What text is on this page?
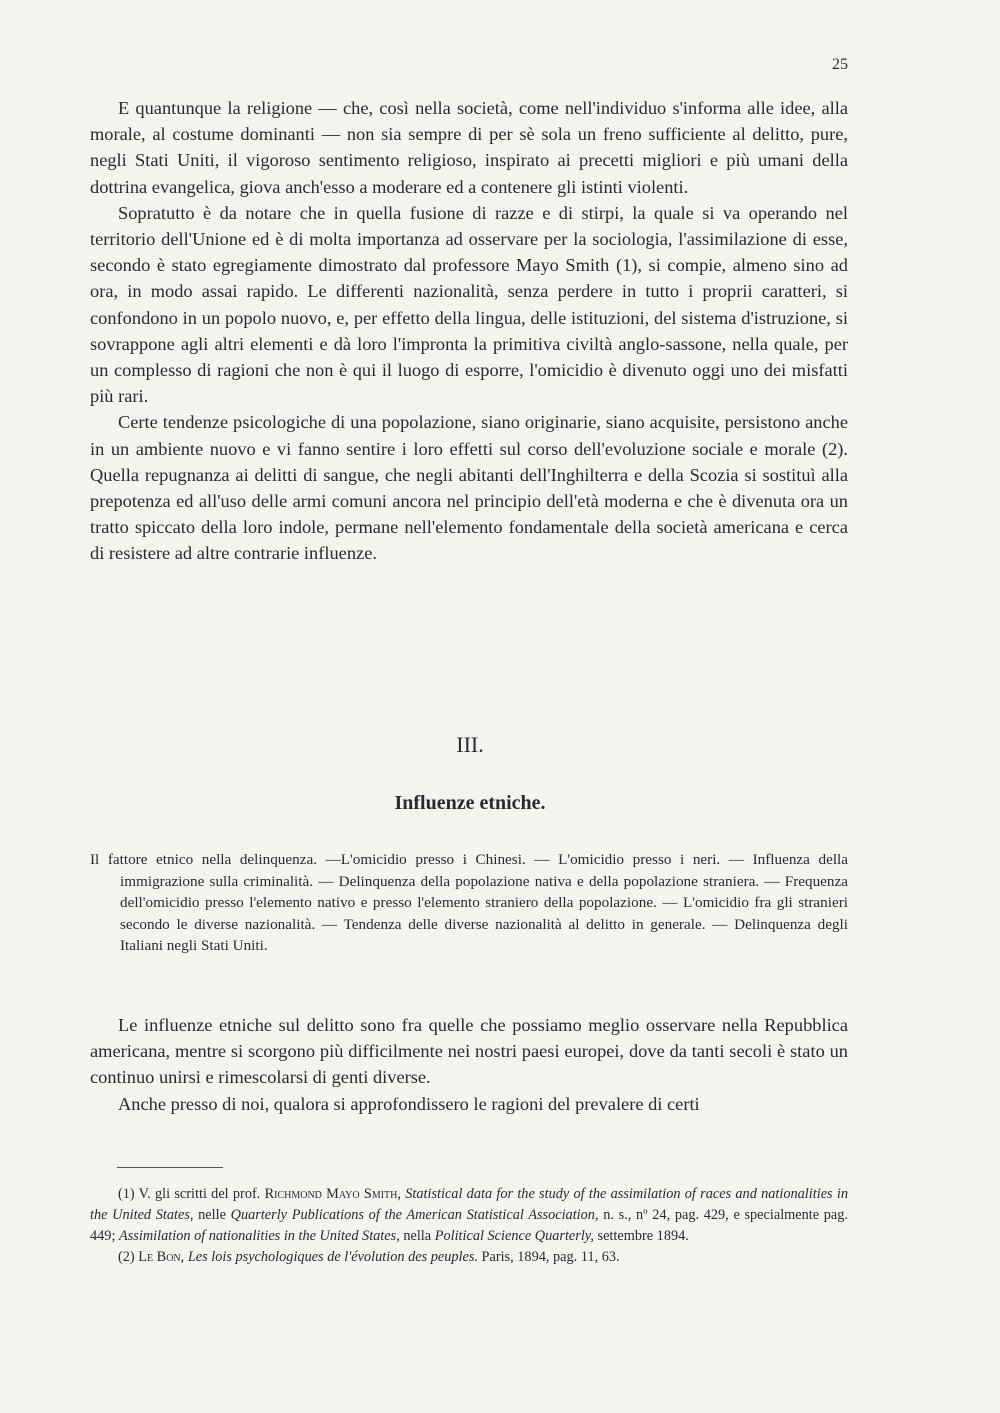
25

E quantunque la religione — che, così nella società, come nell'individuo s'informa alle idee, alla morale, al costume dominanti — non sia sempre di per sè sola un freno sufficiente al delitto, pure, negli Stati Uniti, il vigoroso sentimento religioso, inspirato ai precetti migliori e più umani della dottrina evangelica, giova anch'esso a moderare ed a contenere gli istinti violenti.

Sopratutto è da notare che in quella fusione di razze e di stirpi, la quale si va operando nel territorio dell'Unione ed è di molta importanza ad osservare per la sociologia, l'assimilazione di esse, secondo è stato egregiamente dimostrato dal professore Mayo Smith (1), si compie, almeno sino ad ora, in modo assai rapido. Le differenti nazionalità, senza perdere in tutto i proprii caratteri, si confondono in un popolo nuovo, e, per effetto della lingua, delle istituzioni, del sistema d'istruzione, si sovrappone agli altri elementi e dà loro l'impronta la primitiva civiltà anglo-sassone, nella quale, per un complesso di ragioni che non è qui il luogo di esporre, l'omicidio è divenuto oggi uno dei misfatti più rari.

Certe tendenze psicologiche di una popolazione, siano originarie, siano acquisite, persistono anche in un ambiente nuovo e vi fanno sentire i loro effetti sul corso dell'evoluzione sociale e morale (2). Quella repugnanza ai delitti di sangue, che negli abitanti dell'Inghilterra e della Scozia si sostituì alla prepotenza ed all'uso delle armi comuni ancora nel principio dell'età moderna e che è divenuta ora un tratto spiccato della loro indole, permane nell'elemento fondamentale della società americana e cerca di resistere ad altre contrarie influenze.

III.
Influenze etniche.
Il fattore etnico nella delinquenza. —L'omicidio presso i Chinesi. — L'omicidio presso i neri. — Influenza della immigrazione sulla criminalità. — Delinquenza della popolazione nativa e della popolazione straniera. — Frequenza dell'omicidio presso l'elemento nativo e presso l'elemento straniero della popolazione. — L'omicidio fra gli stranieri secondo le diverse nazionalità. — Tendenza delle diverse nazionalità al delitto in generale. — Delinquenza degli Italiani negli Stati Uniti.

Le influenze etniche sul delitto sono fra quelle che possiamo meglio osservare nella Repubblica americana, mentre si scorgono più difficilmente nei nostri paesi europei, dove da tanti secoli è stato un continuo unirsi e rimescolarsi di genti diverse.

Anche presso di noi, qualora si approfondissero le ragioni del prevalere di certi

(1) V. gli scritti del prof. Richmond Mayo Smith, Statistical data for the study of the assimilation of races and nationalities in the United States, nelle Quarterly Publications of the American Statistical Association, n. s., nº 24, pag. 429, e specialmente pag. 449; Assimilation of nationalities in the United States, nella Political Science Quarterly, settembre 1894.

(2) Le Bon, Les lois psychologiques de l'évolution des peuples. Paris, 1894, pag. 11, 63.
